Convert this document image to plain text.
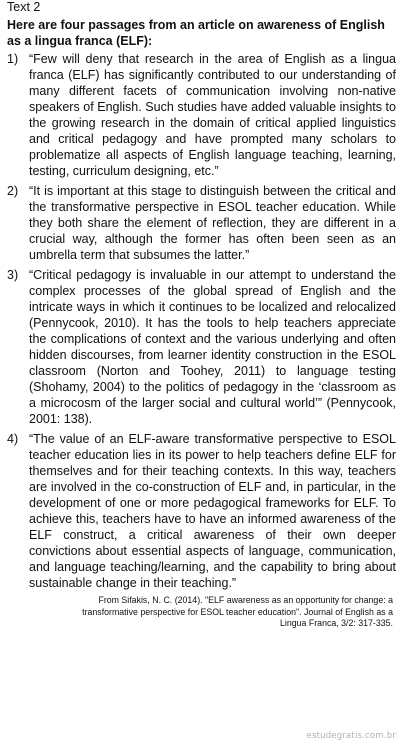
Text 2

Here are four passages from an article on awareness of English as a lingua franca (ELF):

1) “Few will deny that research in the area of English as a lingua franca (ELF) has significantly contributed to our understanding of many different facets of communication involving non-native speakers of English. Such studies have added valuable insights to the growing research in the domain of critical applied linguistics and critical pedagogy and have prompted many scholars to problematize all aspects of English language teaching, learning, testing, curriculum designing, etc.”
2) “It is important at this stage to distinguish between the critical and the transformative perspective in ESOL teacher education. While they both share the element of reflection, they are different in a crucial way, although the former has often been seen as an umbrella term that subsumes the latter.”
3) “Critical pedagogy is invaluable in our attempt to understand the complex processes of the global spread of English and the intricate ways in which it continues to be localized and relocalized (Pennycook, 2010). It has the tools to help teachers appreciate the complications of context and the various underlying and often hidden discourses, from learner identity construction in the ESOL classroom (Norton and Toohey, 2011) to language testing (Shohamy, 2004) to the politics of pedagogy in the ‘classroom as a microcosm of the larger social and cultural world’” (Pennycook, 2001: 138).
4) “The value of an ELF-aware transformative perspective to ESOL teacher education lies in its power to help teachers define ELF for themselves and for their teaching contexts. In this way, teachers are involved in the co-construction of ELF and, in particular, in the development of one or more pedagogical frameworks for ELF. To achieve this, teachers have to have an informed awareness of the ELF construct, a critical awareness of their own deeper convictions about essential aspects of language, communication, and language teaching/learning, and the capability to bring about sustainable change in their teaching.”
From Sifakis, N. C. (2014). "ELF awareness as an opportunity for change: a
transformative perspective for ESOL teacher education". Journal of English as a
Lingua Franca, 3/2: 317-335.
estudegratis.com.br
